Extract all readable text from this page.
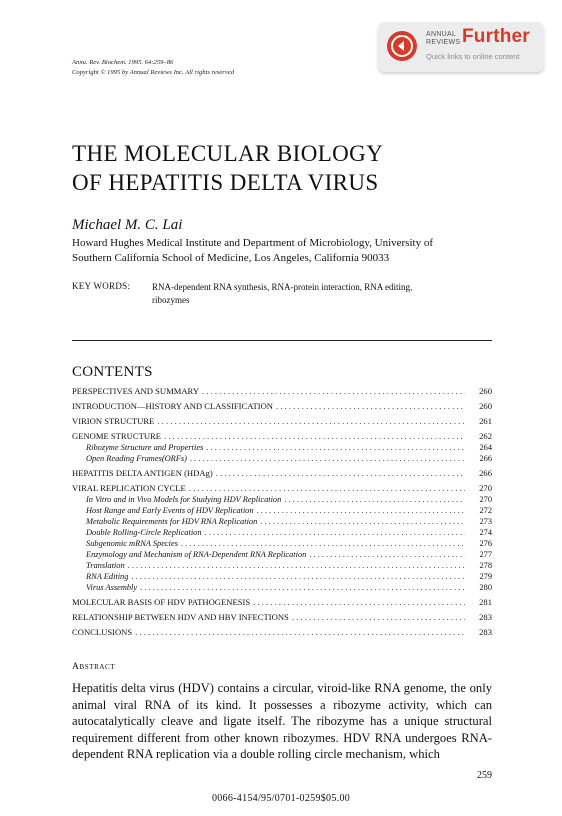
ANNUAL
REVIEWS Further
Quick links to online content
Annu. Rev. Biochem. 1995. 64:259–86
Copyright © 1995 by Annual Reviews Inc. All rights reserved
THE MOLECULAR BIOLOGY
OF HEPATITIS DELTA VIRUS
Michael M. C. Lai
Howard Hughes Medical Institute and Department of Microbiology, University of
Southern California School of Medicine, Los Angeles, California 90033
KEY WORDS: RNA-dependent RNA synthesis, RNA-protein interaction, RNA editing,
ribozymes
CONTENTS
PERSPECTIVES AND SUMMARY . . .	260
INTRODUCTION—HISTORY AND CLASSIFICATION . . .	260
VIRION STRUCTURE . . .	261
GENOME STRUCTURE . . .	262
Ribozyme Structure and Properties . . .	264
Open Reading Frames(ORFs) . . .	266
HEPATITIS DELTA ANTIGEN (HDAg) . . .	266
VIRAL REPLICATION CYCLE . . .	270
In Vitro and in Vivo Models for Studying HDV Replication . . .	270
Host Range and Early Events of HDV Replication . . .	272
Metabolic Requirements for HDV RNA Replication . . .	273
Double Rolling-Circle Replication . . .	274
Subgenomic mRNA Species . . .	276
Enzymology and Mechanism of RNA-Dependent RNA Replication . . .	277
Translation . . .	278
RNA Editing . . .	279
Virus Assembly . . .	280
MOLECULAR BASIS OF HDV PATHOGENESIS . . .	281
RELATIONSHIP BETWEEN HDV AND HBV INFECTIONS . . .	283
CONCLUSIONS . . .	283
Abstract
Hepatitis delta virus (HDV) contains a circular, viroid-like RNA genome, the only animal viral RNA of its kind. It possesses a ribozyme activity, which can autocatalytically cleave and ligate itself. The ribozyme has a unique structural requirement different from other known ribozymes. HDV RNA undergoes RNA-dependent RNA replication via a double rolling circle mechanism, which
259
0066-4154/95/0701-0259$05.00
